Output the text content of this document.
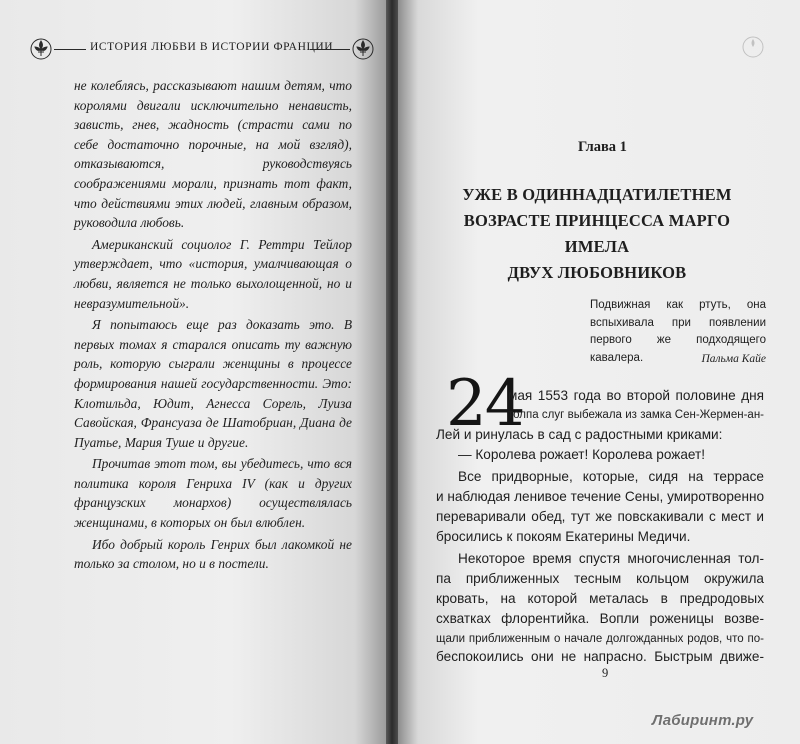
ИСТОРИЯ ЛЮБВИ В ИСТОРИИ ФРАНЦИИ

не колеблясь, рассказывают нашим детям, что королями двигали исключительно ненависть, зависть, гнев, жадность (страсти сами по себе достаточно порочные, на мой взгляд), отказываются, руководствуясь соображениями морали, признать тот факт, что действиями этих людей, главным образом, руководила любовь.

Американский социолог Г. Реттри Тейлор утверждает, что «история, умалчивающая о любви, является не только выхолощенной, но и невразумительной».

Я попытаюсь еще раз доказать это. В первых томах я старался описать ту важную роль, которую сыграли женщины в процессе формирования нашей государственности. Это: Клотильда, Юдит, Агнесса Сорель, Луиза Савойская, Франсуаза де Шатобриан, Диана де Пуатье, Мария Туше и другие.

Прочитав этот том, вы убедитесь, что вся политика короля Генриха IV (как и других французских монархов) осуществлялась женщинами, в которых он был влюблен.

Ибо добрый король Генрих был лакомкой не только за столом, но и в постели.

Глава 1
УЖЕ В ОДИННАДЦАТИЛЕТНЕМ
ВОЗРАСТЕ ПРИНЦЕССА МАРГО ИМЕЛА
ДВУХ ЛЮБОВНИКОВ
Подвижная как ртуть, она вспыхивала при появлении первого же подходящего кавалера.	Пальма Кайе
24
мая 1553 года во второй половине дня
толпа слуг выбежала из замка Сен-Жермен-ан-
Лей и ринулась в сад с радостными криками:
— Королева рожает! Королева рожает!
Все придворные, которые, сидя на террасе
и наблюдая ленивое течение Сены, умиротворенно
переваривали обед, тут же повскакивали с мест и
бросились к покоям Екатерины Медичи.
Некоторое время спустя многочисленная тол-
па приближенных тесным кольцом окружила
кровать, на которой металась в предродовых
схватках флорентийка. Вопли роженицы возве-
щали приближенным о начале долгожданных родов, что по-
беспокоились они не напрасно. Быстрым движе-
9
Лабиринт.ру
